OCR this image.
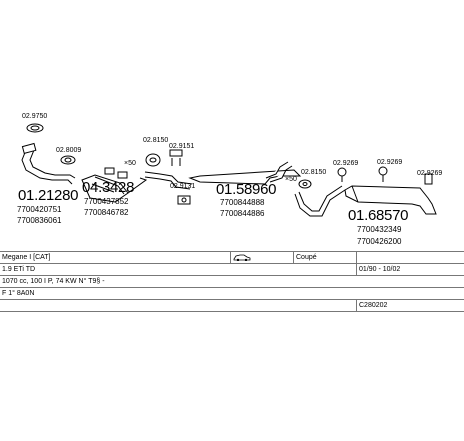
02.9750
02.8009
01.21280
7700420751
7700836061
04.3428
7700437852
7700846782
×50
02.8150
02.9151
02.9131 01.58960
7700844888
7700844886
×50
02.8150
02.9269	02.9269
02.9269
01.68570
7700432349
7700426200
Megane I [CAT]		Coupé	
1.9 ETi TD			01/90 - 10/02
1070 cc, 100 I P, 74 KW N° T9§ -			
F 1° 8A0N			
			C280202
